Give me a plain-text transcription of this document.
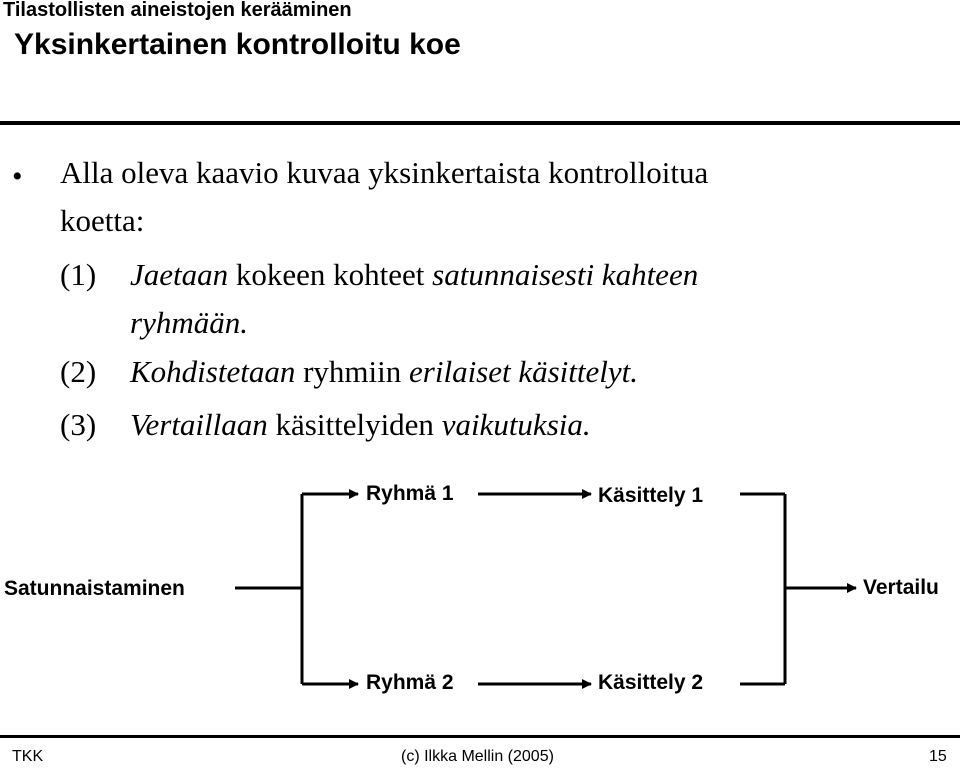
Tilastollisten aineistojen kerääminen
Yksinkertainen kontrolloitu koe
• Alla oleva kaavio kuvaa yksinkertaista kontrolloitua
koetta:
(1) Jaetaan kokeen kohteet satunnaisesti kahteen
ryhmään.
(2) Kohdistetaan ryhmiin erilaiset käsittelyt.
(3) Vertaillaan käsittelyiden vaikutuksia.
Ryhmä 1	Käsittely 1
Satunnaistaminen	Vertailu
Ryhmä 2	Käsittely 2
TKK	(c) Ilkka Mellin (2005)	15
